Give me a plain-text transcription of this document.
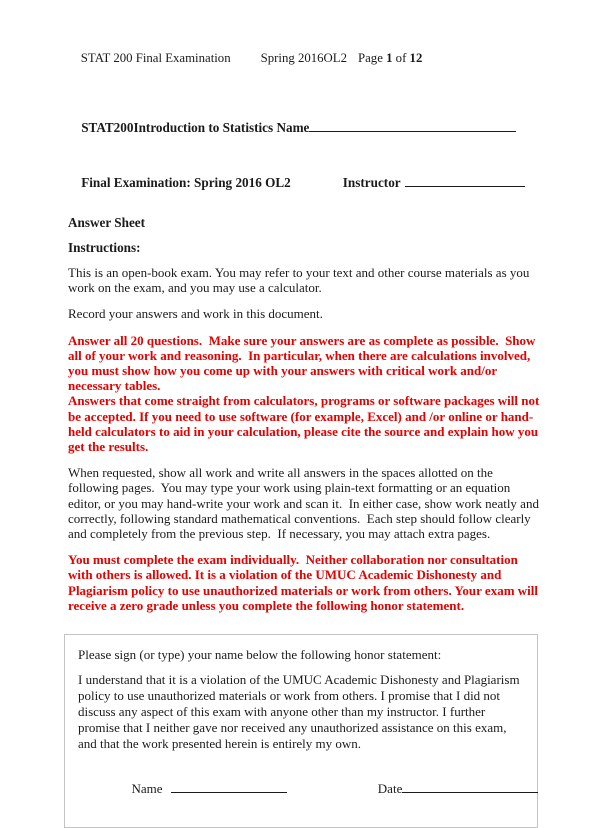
STAT 200 Final Examination Spring 2016OL2 Page 1 of 12

STAT200Introduction to Statistics Name

Final Examination: Spring 2016 OL2	Instructor

Answer Sheet
Instructions:

This is an open-book exam. You may refer to your text and other course materials as you work on the exam, and you may use a calculator.

Record your answers and work in this document.

Answer all 20 questions.  Make sure your answers are as complete as possible.  Show all of your work and reasoning.  In particular, when there are calculations involved, you must show how you come up with your answers with critical work and/or necessary tables.

Answers that come straight from calculators, programs or software packages will not be accepted. If you need to use software (for example, Excel) and /or online or hand-held calculators to aid in your calculation, please cite the source and explain how you get the results.

When requested, show all work and write all answers in the spaces allotted on the following pages.  You may type your work using plain-text formatting or an equation editor, or you may hand-write your work and scan it.  In either case, show work neatly and correctly, following standard mathematical conventions.  Each step should follow clearly and completely from the previous step.  If necessary, you may attach extra pages.

You must complete the exam individually.  Neither collaboration nor consultation with others is allowed. It is a violation of the UMUC Academic Dishonesty and Plagiarism policy to use unauthorized materials or work from others. Your exam will receive a zero grade unless you complete the following honor statement.

Please sign (or type) your name below the following honor statement:

I understand that it is a violation of the UMUC Academic Dishonesty and Plagiarism policy to use unauthorized materials or work from others. I promise that I did not discuss any aspect of this exam with anyone other than my instructor. I further promise that I neither gave nor received any unauthorized assistance on this exam, and that the work presented herein is entirely my own.

Name	Date
